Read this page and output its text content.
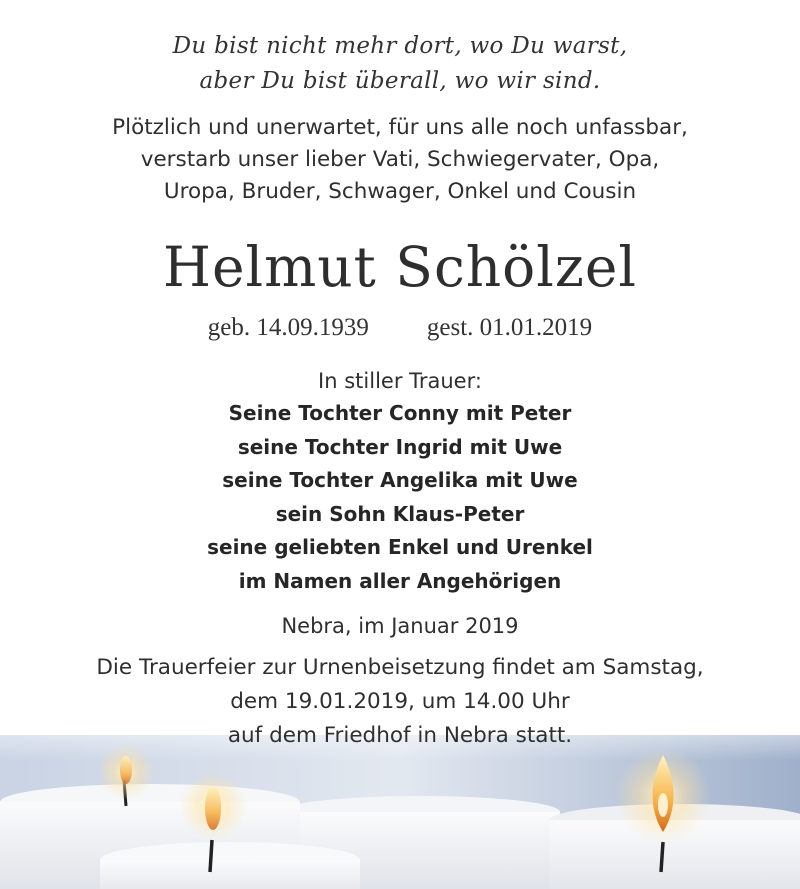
Du bist nicht mehr dort, wo Du warst,
aber Du bist überall, wo wir sind.
Plötzlich und unerwartet, für uns alle noch unfassbar,
verstarb unser lieber Vati, Schwiegervater, Opa,
Uropa, Bruder, Schwager, Onkel und Cousin
Helmut Schölzel
geb. 14.09.1939 gest. 01.01.2019
In stiller Trauer:
Seine Tochter Conny mit Peter
seine Tochter Ingrid mit Uwe
seine Tochter Angelika mit Uwe
sein Sohn Klaus-Peter
seine geliebten Enkel und Urenkel
im Namen aller Angehörigen
Nebra, im Januar 2019
Die Trauerfeier zur Urnenbeisetzung findet am Samstag,
dem 19.01.2019, um 14.00 Uhr
auf dem Friedhof in Nebra statt.
